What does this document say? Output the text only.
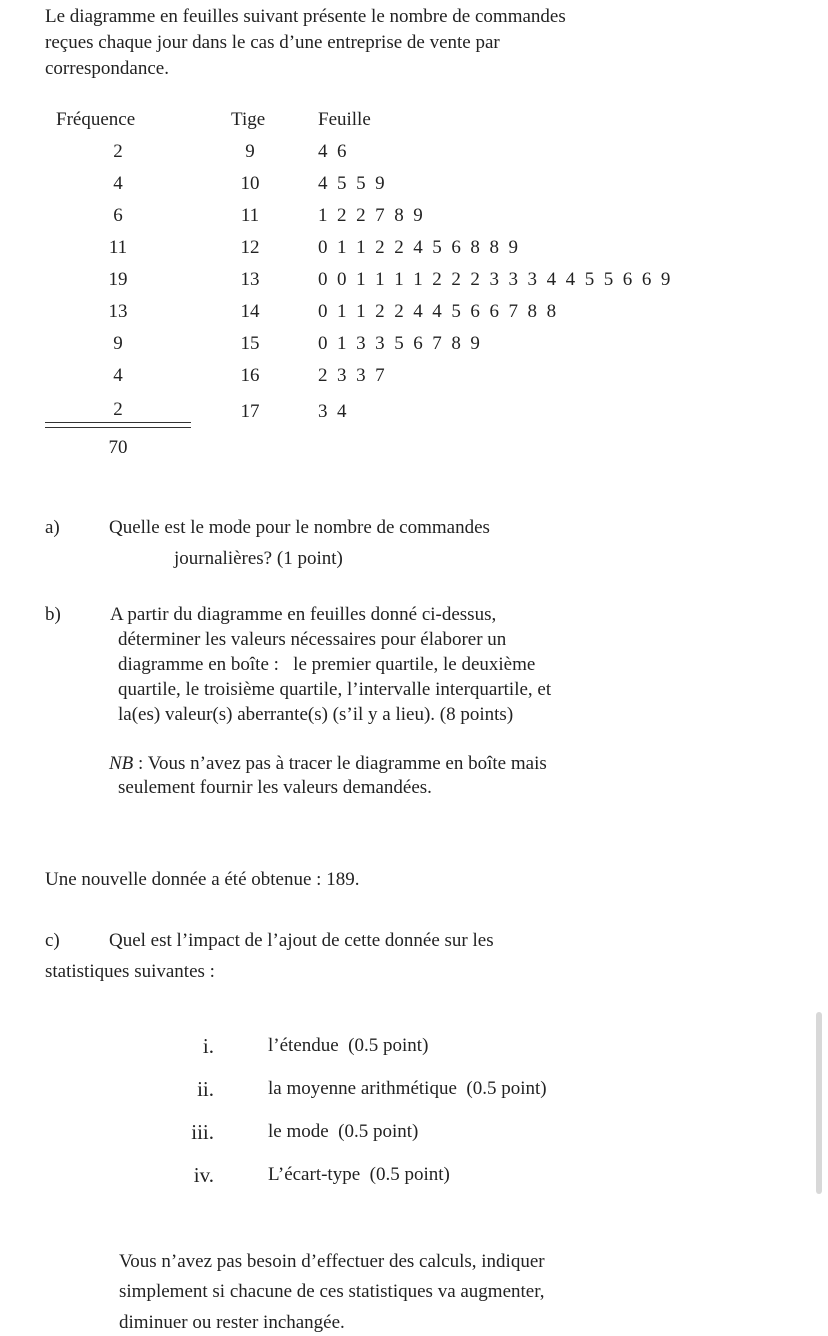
Le diagramme en feuilles suivant présente le nombre de commandes
reçues chaque jour dans le cas d’une entreprise de vente par
correspondance.
Fréquence	Tige	Feuille
2	9	4 6
4	10	4 5 5 9
6	11	1 2 2 7 8 9
11	12	0 1 1 2 2 4 5 6 8 8 9
19	13	0 0 1 1 1 1 2 2 2 3 3 3 4 4 5 5 6 6 9
13	14	0 1 1 2 2 4 4 5 6 6 7 8 8
9	15	0 1 3 3 5 6 7 8 9
4	16	2 3 3 7
2	17	3 4
70
a)	Quelle est le mode pour le nombre de commandes
journalières? (1 point)
b)	A partir du diagramme en feuilles donné ci-dessus,
déterminer les valeurs nécessaires pour élaborer un
diagramme en boîte :   le premier quartile, le deuxième
quartile, le troisième quartile, l’intervalle interquartile, et
la(es) valeur(s) aberrante(s) (s’il y a lieu). (8 points)
NB : Vous n’avez pas à tracer le diagramme en boîte mais
seulement fournir les valeurs demandées.
Une nouvelle donnée a été obtenue : 189.
c)	Quel est l’impact de l’ajout de cette donnée sur les
statistiques suivantes :
i.	l’étendue  (0.5 point)
ii.	la moyenne arithmétique  (0.5 point)
iii.	le mode  (0.5 point)
iv.	L’écart-type  (0.5 point)
Vous n’avez pas besoin d’effectuer des calculs, indiquer
simplement si chacune de ces statistiques va augmenter,
diminuer ou rester inchangée.
